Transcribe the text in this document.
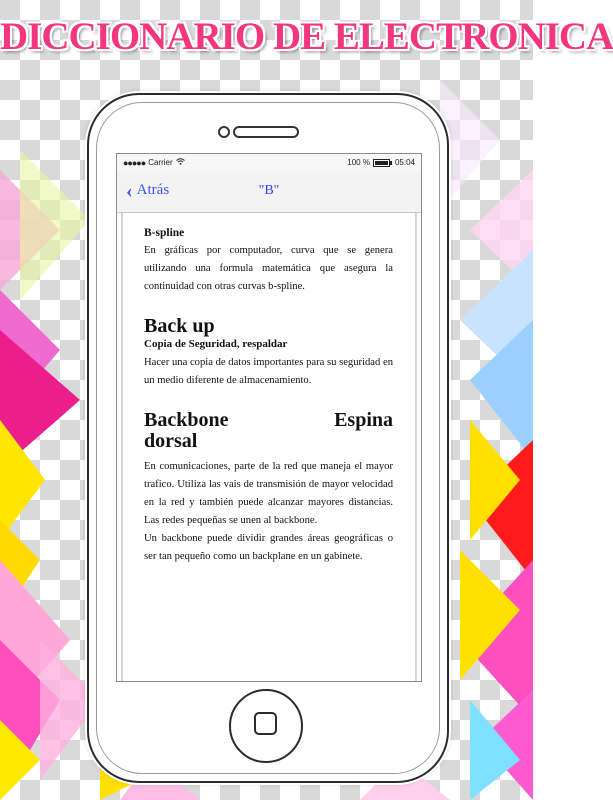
DICCIONARIO DE ELECTRONICA
●●●●● Carrier	100 %	05:04
‹ Atrás	"B"

B-spline

En gráficas por computador, curva que se genera utilizando una formula matemática que asegura la continuidad con otras curvas b-spline.

Back up

Copia de Seguridad, respaldar

Hacer una copia de datos importantes para su seguridad en un medio diferente de almacenamiento.

Backbone Espina

dorsal

En comunicaciones, parte de la red que maneja el mayor trafico. Utiliza las vais de transmisión de mayor velocidad en la red y también puede alcanzar mayores distancias. Las redes pequeñas se unen al backbone.

Un backbone puede dividir grandes áreas geográficas o ser tan pequeño como un backplane en un gabinete.
